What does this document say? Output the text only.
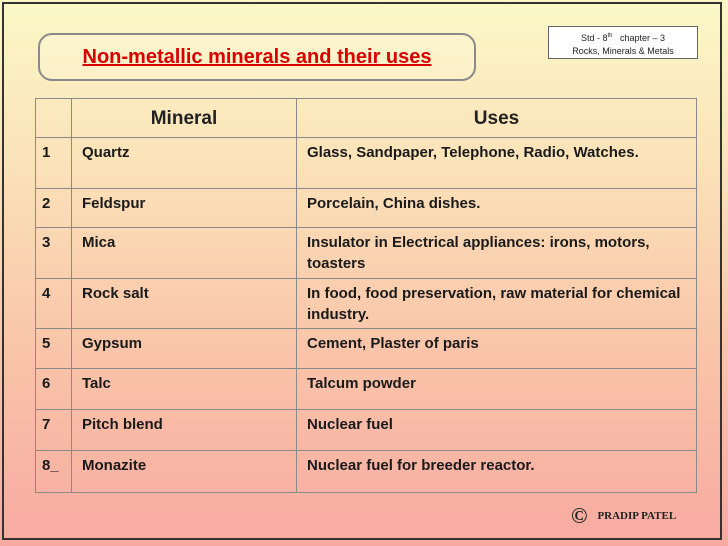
Non-metallic minerals and their uses
Std - 8th chapter – 3
Rocks, Minerals & Metals
	Mineral	Uses
1	Quartz	Glass, Sandpaper, Telephone, Radio, Watches.
2	Feldspur	Porcelain, China dishes.
3	Mica	Insulator in Electrical appliances: irons, motors, toasters
4	Rock salt	In food, food preservation, raw material for chemical industry.
5	Gypsum	Cement, Plaster of paris
6	Talc	Talcum powder
7	Pitch blend	Nuclear fuel
8_	Monazite	Nuclear fuel for breeder reactor.
© PRADIP PATEL
